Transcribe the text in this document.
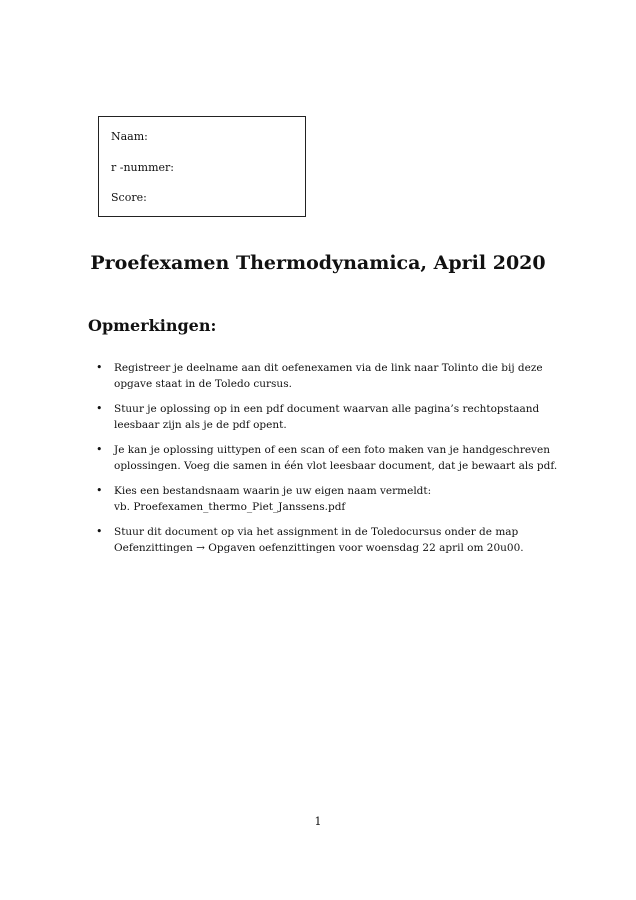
Naam:

r -nummer:

Score:

Proefexamen Thermodynamica, April 2020
Opmerkingen:
• Registreer je deelname aan dit oefenexamen via de link naar Tolinto die bij deze opgave staat in de Toledo cursus.
• Stuur je oplossing op in een pdf document waarvan alle pagina’s rechtopstaand leesbaar zijn als je de pdf opent.
• Je kan je oplossing uittypen of een scan of een foto maken van je handgeschreven oplossingen. Voeg die samen in één vlot leesbaar document, dat je bewaart als pdf.
• Kies een bestandsnaam waarin je uw eigen naam vermeldt:
vb. Proefexamen_thermo_Piet_Janssens.pdf
• Stuur dit document op via het assignment in de Toledocursus onder de map Oefenzittingen → Opgaven oefenzittingen voor woensdag 22 april om 20u00.

1
